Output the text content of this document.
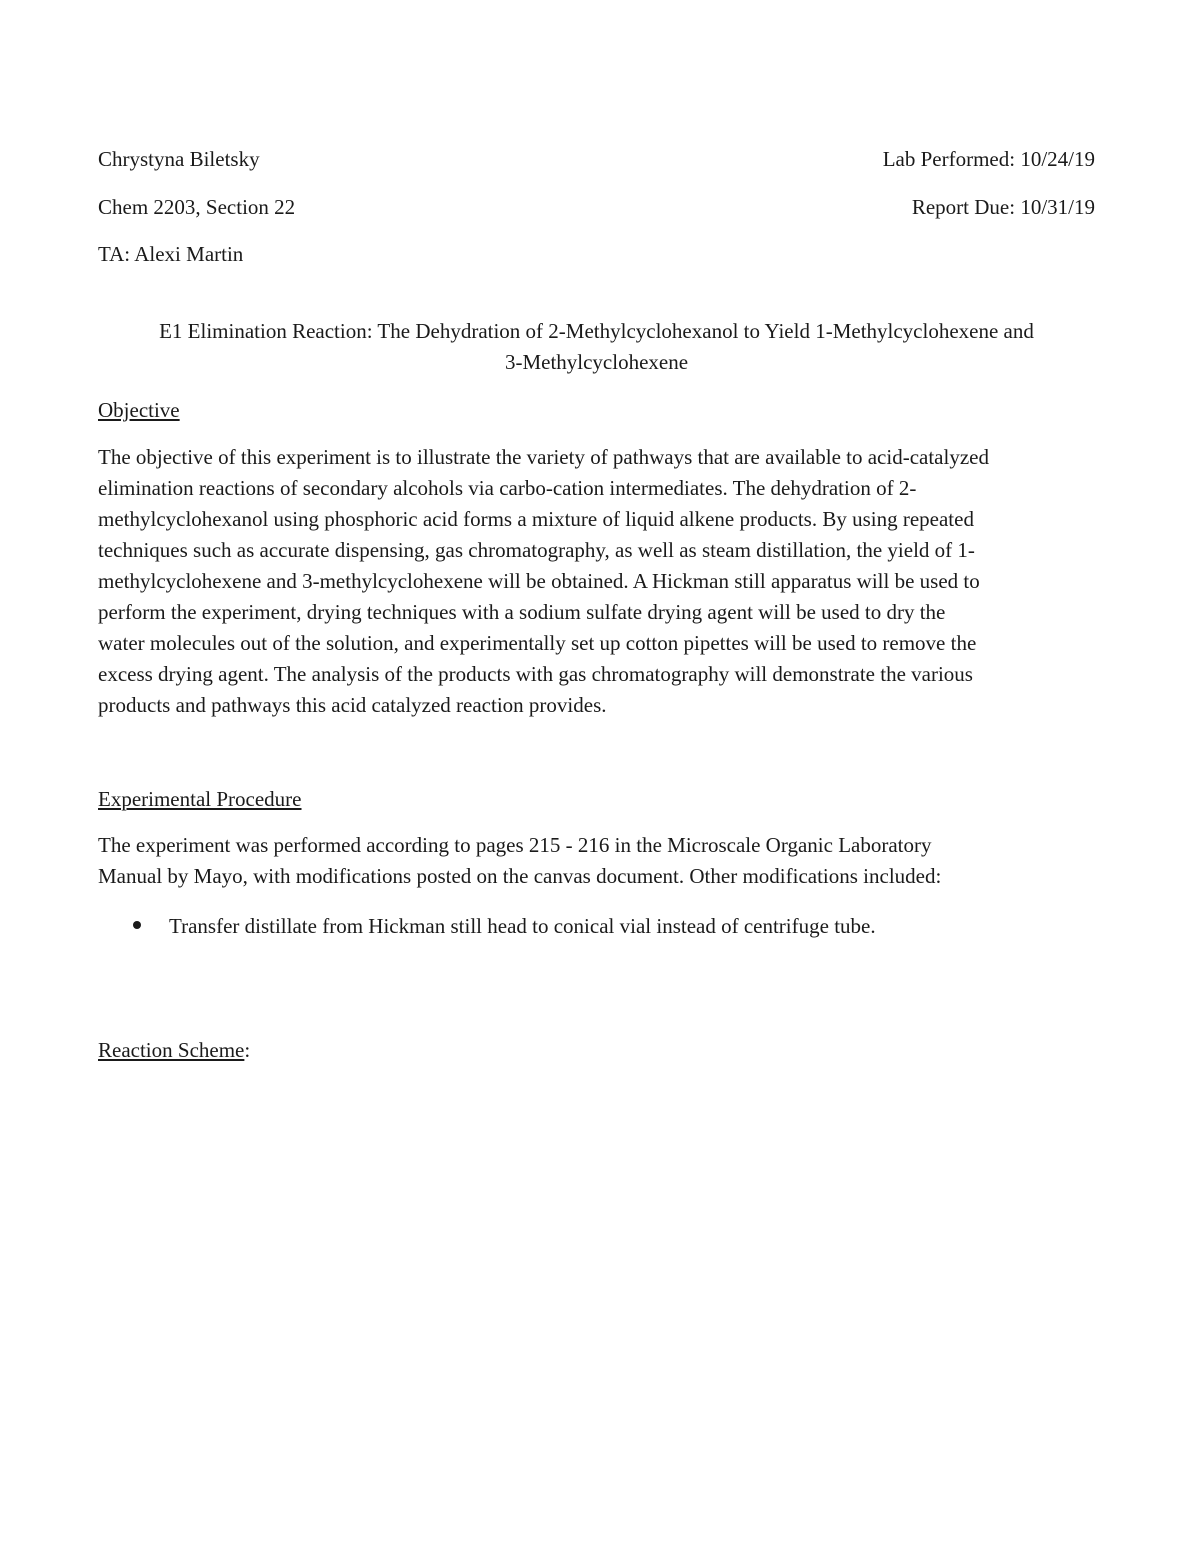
Chrystyna Biletsky	Lab Performed: 10/24/19
Chem 2203, Section 22	Report Due: 10/31/19
TA: Alexi Martin
E1 Elimination Reaction: The Dehydration of 2-Methylcyclohexanol to Yield 1-Methylcyclohexene and
3-Methylcyclohexene
Objective
The objective of this experiment is to illustrate the variety of pathways that are available to acid-catalyzed
elimination reactions of secondary alcohols via carbo-cation intermediates. The dehydration of 2-
methylcyclohexanol using phosphoric acid forms a mixture of liquid alkene products. By using repeated
techniques such as accurate dispensing, gas chromatography, as well as steam distillation, the yield of 1-
methylcyclohexene and 3-methylcyclohexene will be obtained. A Hickman still apparatus will be used to
perform the experiment, drying techniques with a sodium sulfate drying agent will be used to dry the
water molecules out of the solution, and experimentally set up cotton pipettes will be used to remove the
excess drying agent. The analysis of the products with gas chromatography will demonstrate the various
products and pathways this acid catalyzed reaction provides.
Experimental Procedure
The experiment was performed according to pages 215 - 216 in the Microscale Organic Laboratory
Manual by Mayo, with modifications posted on the canvas document. Other modifications included:
Transfer distillate from Hickman still head to conical vial instead of centrifuge tube.
Reaction Scheme:
